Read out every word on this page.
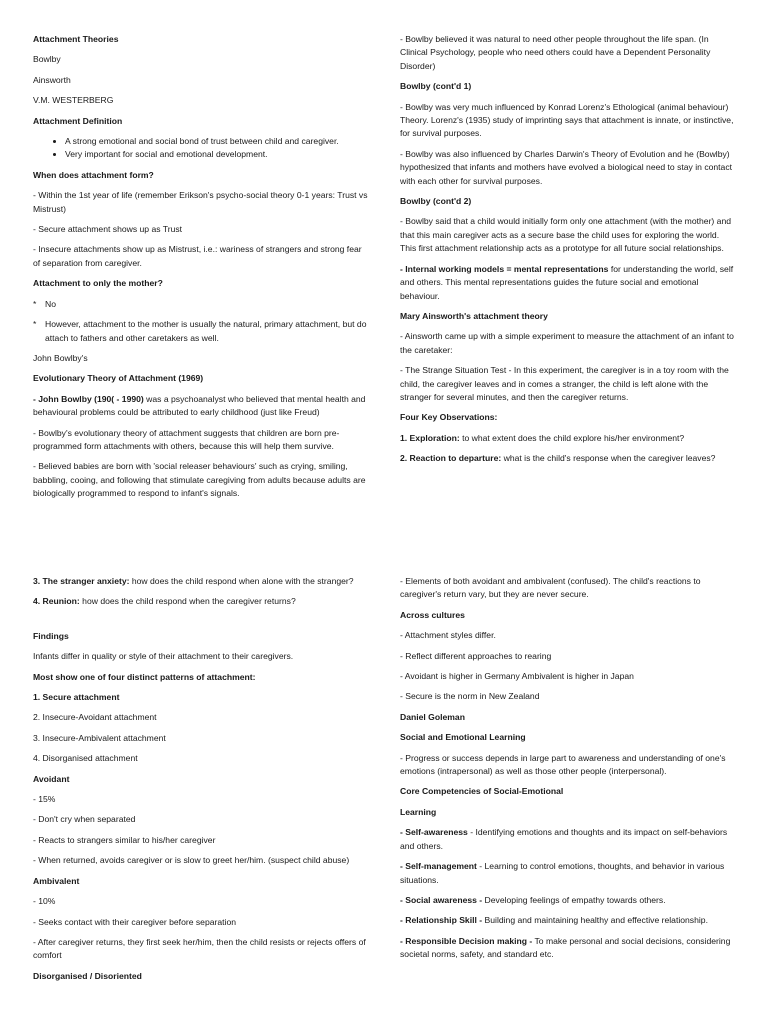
Attachment Theories

Bowlby

Ainsworth

V.M. WESTERBERG

Attachment Definition

• A strong emotional and social bond of trust between child and caregiver.
• Very important for social and emotional development.

When does attachment form?

- Within the 1st year of life (remember Erikson's psycho-social theory 0-1 years: Trust vs Mistrust)

- Secure attachment shows up as Trust

- Insecure attachments show up as Mistrust, i.e.: wariness of strangers and strong fear of separation from caregiver.

Attachment to only the mother?

*	No
*	However, attachment to the mother is usually the natural, primary attachment, but do attach to fathers and other caretakers as well.

John Bowlby's

Evolutionary Theory of Attachment (1969)

- John Bowlby (190( - 1990) was a psychoanalyst who believed that mental health and behavioural problems could be attributed to early childhood (just like Freud)

- Bowlby's evolutionary theory of attachment suggests that children are born pre-programmed form attachments with others, because this will help them survive.

- Believed babies are born with 'social releaser behaviours' such as crying, smiling, babbling, cooing, and following that stimulate caregiving from adults because adults are biologically programmed to respond to infant's signals.

- Bowlby believed it was natural to need other people throughout the life span. (In Clinical Psychology, people who need others could have a Dependent Personality Disorder)

Bowlby (cont'd 1)

- Bowlby was very much influenced by Konrad Lorenz's Ethological (animal behaviour) Theory. Lorenz's (1935) study of imprinting says that attachment is innate, or instinctive, for survival purposes.

- Bowlby was also influenced by Charles Darwin's Theory of Evolution and he (Bowlby) hypothesized that infants and mothers have evolved a biological need to stay in contact with each other for survival purposes.

Bowlby (cont'd 2)

- Bowlby said that a child would initially form only one attachment (with the mother) and that this main caregiver acts as a secure base the child uses for exploring the world. This first attachment relationship acts as a prototype for all future social relationships.

- Internal working models = mental representations for understanding the world, self and others. This mental representations guides the future social and emotional behaviour.

Mary Ainsworth's attachment theory

- Ainsworth came up with a simple experiment to measure the attachment of an infant to the caretaker:

- The Strange Situation Test - In this experiment, the caregiver is in a toy room with the child, the caregiver leaves and in comes a stranger, the child is left alone with the stranger for several minutes, and then the caregiver returns.

Four Key Observations:

1. Exploration: to what extent does the child explore his/her environment?

2. Reaction to departure: what is the child's response when the caregiver leaves?

3. The stranger anxiety: how does the child respond when alone with the stranger?

4. Reunion: how does the child respond when the caregiver returns?

Findings

Infants differ in quality or style of their attachment to their caregivers.

Most show one of four distinct patterns of attachment:

1. Secure attachment

2. Insecure-Avoidant attachment

3. Insecure-Ambivalent attachment

4. Disorganised attachment

Avoidant

- 15%

- Don't cry when separated

- Reacts to strangers similar to his/her caregiver

- When returned, avoids caregiver or is slow to greet her/him. (suspect child abuse)

Ambivalent

- 10%

- Seeks contact with their caregiver before separation

- After caregiver returns, they first seek her/him, then the child resists or rejects offers of comfort

Disorganised / Disoriented

- Elements of both avoidant and ambivalent (confused). The child's reactions to caregiver's return vary, but they are never secure.

Across cultures

- Attachment styles differ.

- Reflect different approaches to rearing

- Avoidant is higher in Germany Ambivalent is higher in Japan

- Secure is the norm in New Zealand

Daniel Goleman

Social and Emotional Learning

- Progress or success depends in large part to awareness and understanding of one's emotions (intrapersonal) as well as those other people (interpersonal).

Core Competencies of Social-Emotional

Learning

- Self-awareness - Identifying emotions and thoughts and its impact on self-behaviors and others.

- Self-management - Learning to control emotions, thoughts, and behavior in various situations.

- Social awareness - Developing feelings of empathy towards others.

- Relationship Skill - Building and maintaining healthy and effective relationship.

- Responsible Decision making - To make personal and social decisions, considering societal norms, safety, and standard etc.
